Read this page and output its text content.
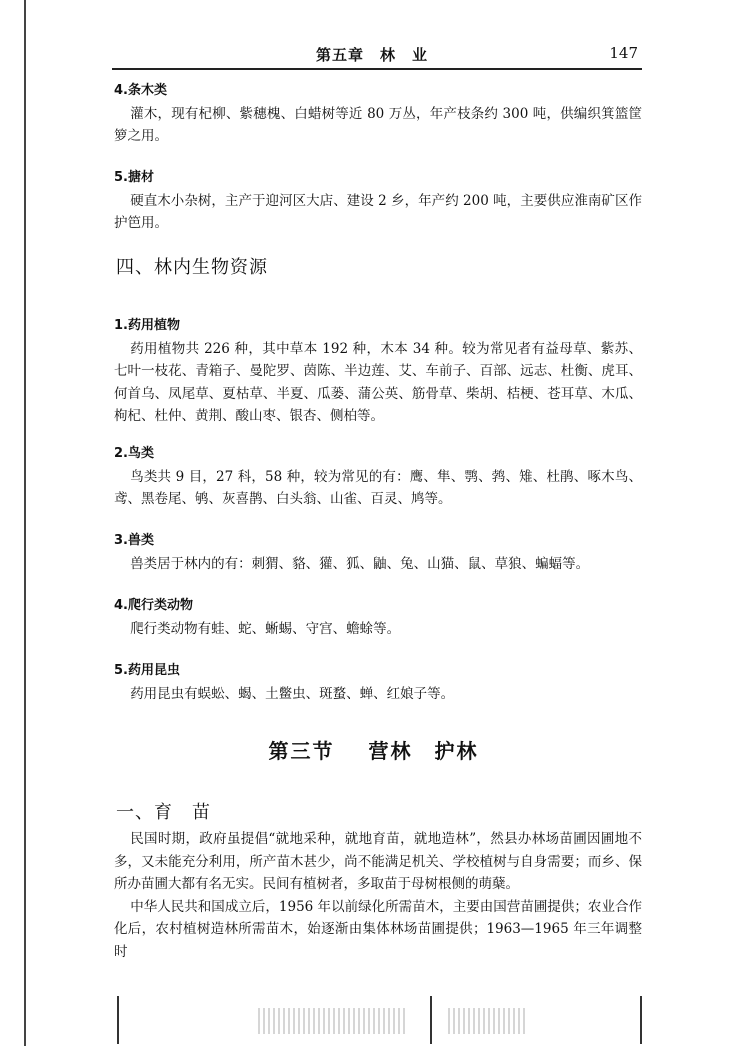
第五章　林　业	147
4.条木类
灌木，现有杞柳、紫穗槐、白蜡树等近 80 万丛，年产枝条约 300 吨，供编织箕篮筐箩之用。
5.搪材
硬直木小杂树，主产于迎河区大店、建设 2 乡，年产约 200 吨，主要供应淮南矿区作护笆用。
四、林内生物资源
1.药用植物
药用植物共 226 种，其中草本 192 种，木本 34 种。较为常见者有益母草、紫苏、七叶一枝花、青箱子、曼陀罗、茵陈、半边莲、艾、车前子、百部、远志、杜衡、虎耳、何首乌、凤尾草、夏枯草、半夏、瓜蒌、蒲公英、筋骨草、柴胡、桔梗、苍耳草、木瓜、枸杞、杜仲、黄荆、酸山枣、银杏、侧柏等。
2.鸟类
鸟类共 9 目，27 科，58 种，较为常见的有：鹰、隼、鹗、鹁、雉、杜鹃、啄木鸟、鸢、黑卷尾、鸲、灰喜鹊、白头翁、山雀、百灵、鸠等。
3.兽类
兽类居于林内的有：刺猬、貉、獾、狐、鼬、兔、山猫、鼠、草狼、蝙蝠等。
4.爬行类动物
爬行类动物有蛙、蛇、蜥蜴、守宫、蟾蜍等。
5.药用昆虫
药用昆虫有蜈蚣、蝎、土鳖虫、斑蝥、蝉、红娘子等。
第三节 营林 护林
一、育　苗
民国时期，政府虽提倡“就地采种，就地育苗，就地造林”，然县办林场苗圃因圃地不多，又未能充分利用，所产苗木甚少，尚不能满足机关、学校植树与自身需要；而乡、保所办苗圃大都有名无实。民间有植树者，多取苗于母树根侧的萌蘖。
中华人民共和国成立后，1956 年以前绿化所需苗木，主要由国营苗圃提供；农业合作化后，农村植树造林所需苗木，始逐渐由集体林场苗圃提供；1963—1965 年三年调整时
